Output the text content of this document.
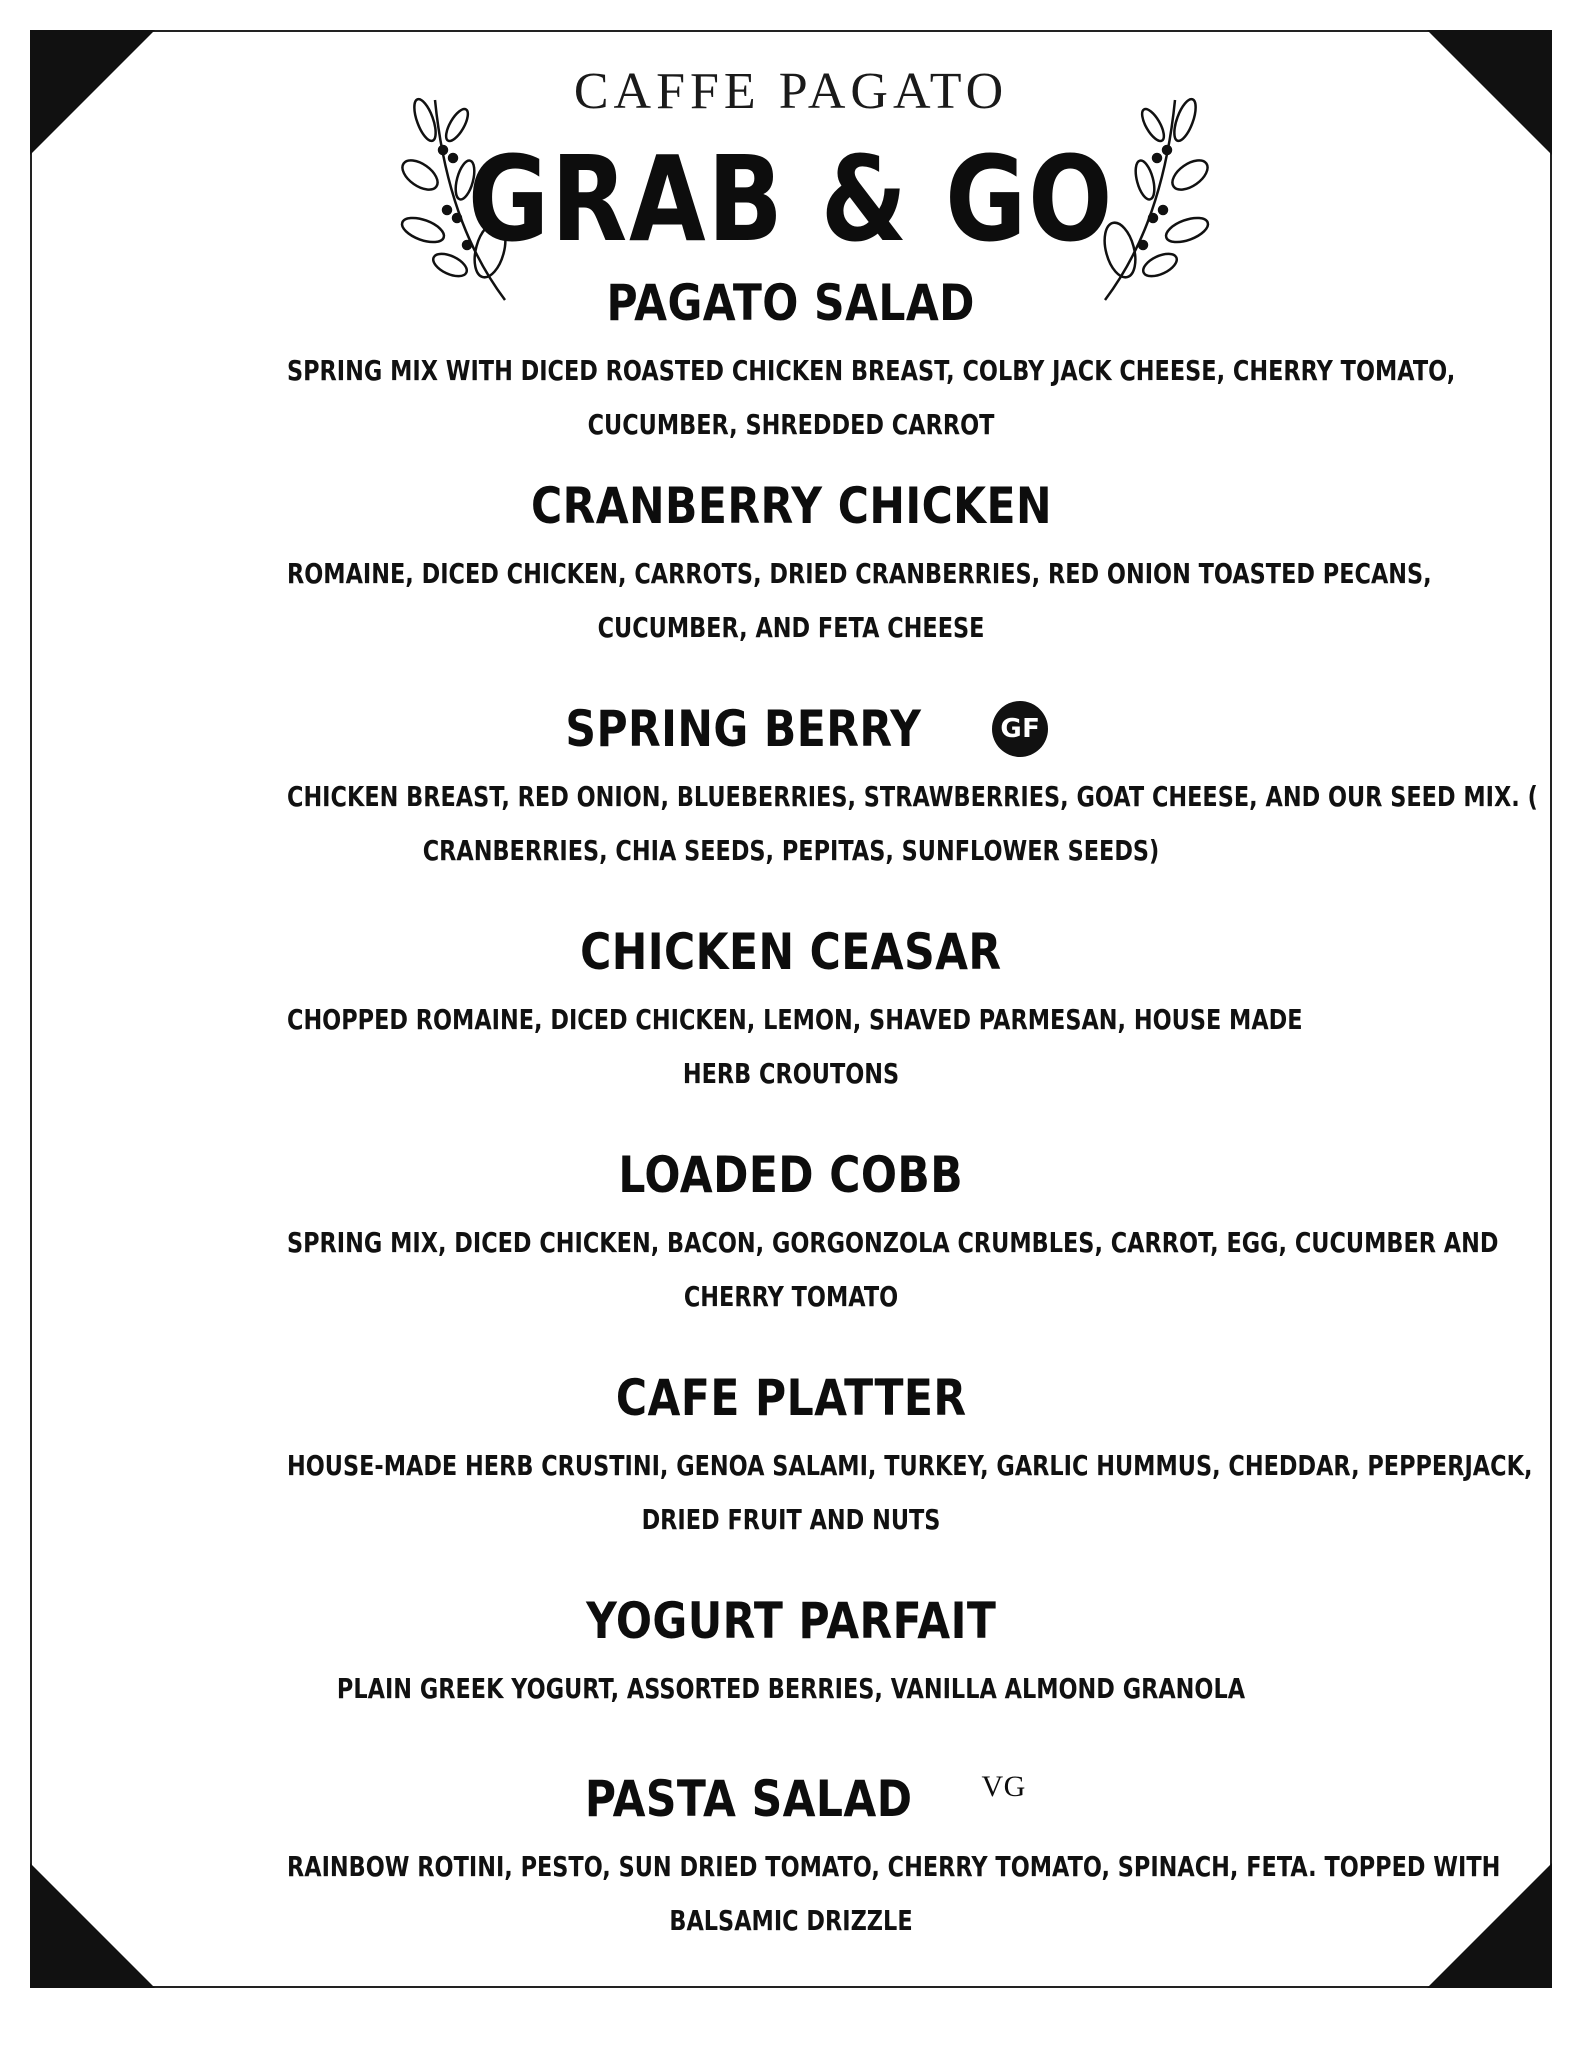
CAFFE PAGATO
GRAB & GO
PAGATO SALAD
SPRING MIX WITH DICED ROASTED CHICKEN BREAST, COLBY JACK CHEESE, CHERRY TOMATO,
CUCUMBER, SHREDDED CARROT
CRANBERRY CHICKEN
ROMAINE, DICED CHICKEN, CARROTS, DRIED CRANBERRIES, RED ONION TOASTED PECANS,
CUCUMBER, AND FETA CHEESE
SPRING BERRY	GF
CHICKEN BREAST, RED ONION, BLUEBERRIES, STRAWBERRIES, GOAT CHEESE, AND OUR SEED MIX. (
CRANBERRIES, CHIA SEEDS, PEPITAS, SUNFLOWER SEEDS)
CHICKEN CEASAR
CHOPPED ROMAINE, DICED CHICKEN, LEMON, SHAVED PARMESAN, HOUSE MADE
HERB CROUTONS
LOADED COBB
SPRING MIX, DICED CHICKEN, BACON, GORGONZOLA CRUMBLES, CARROT, EGG, CUCUMBER AND
CHERRY TOMATO
CAFE PLATTER
HOUSE-MADE HERB CRUSTINI, GENOA SALAMI, TURKEY, GARLIC HUMMUS, CHEDDAR, PEPPERJACK,
DRIED FRUIT AND NUTS
YOGURT PARFAIT
PLAIN GREEK YOGURT, ASSORTED BERRIES, VANILLA ALMOND GRANOLA
PASTA SALAD VG
RAINBOW ROTINI, PESTO, SUN DRIED TOMATO, CHERRY TOMATO, SPINACH, FETA. TOPPED WITH
BALSAMIC DRIZZLE
